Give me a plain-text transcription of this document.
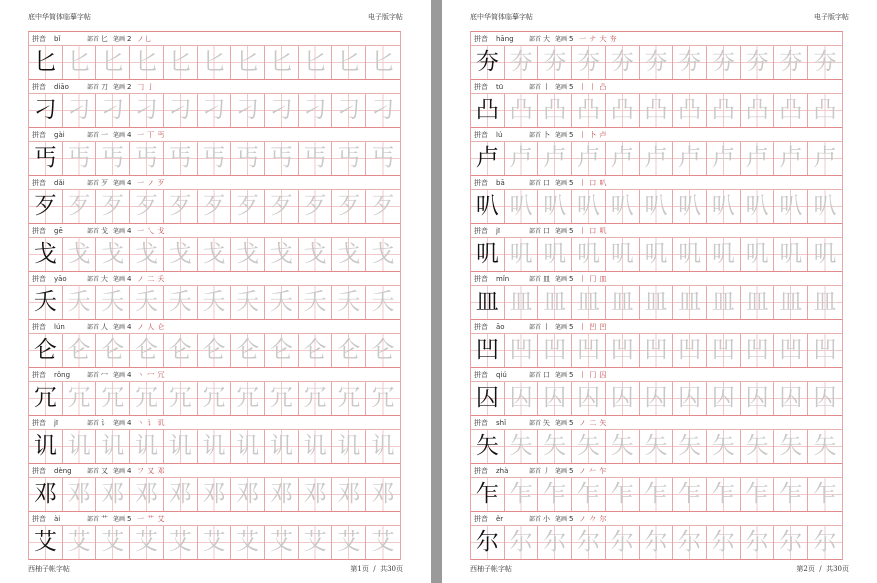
底中华简体临摹字帖	电子版字帖
拼音	bǐ	部首 匕 笔画 2 ノ乚
匕 匕 匕 匕 匕 匕 匕 匕 匕 匕 匕
拼音	diāo	部首 刀 笔画 2 𠃌 亅
刁 刁 刁 刁 刁 刁 刁 刁 刁 刁 刁
拼音	gài	部首 一 笔画 4 一 丅 丐
丐 丐 丐 丐 丐 丐 丐 丐 丐 丐 丐
拼音	dǎi	部首 歹 笔画 4 一 ノ 歹
歹 歹 歹 歹 歹 歹 歹 歹 歹 歹 歹
拼音	gē	部首 戈 笔画 4 一 乀 戈
戈 戈 戈 戈 戈 戈 戈 戈 戈 戈 戈
拼音	yāo	部首 大 笔画 4 ノ 二 夭
夭 夭 夭 夭 夭 夭 夭 夭 夭 夭 夭
拼音	lún	部首 人 笔画 4 ノ 人 仑
仑 仑 仑 仑 仑 仑 仑 仑 仑 仑 仑
拼音	rǒng	部首 冖 笔画 4 丶 冖 冗
冗 冗 冗 冗 冗 冗 冗 冗 冗 冗 冗
拼音	jī	部首 讠 笔画 4 丶 讠 讥
讥 讥 讥 讥 讥 讥 讥 讥 讥 讥 讥
拼音	dèng	部首 又 笔画 4 フ 又 邓
邓 邓 邓 邓 邓 邓 邓 邓 邓 邓 邓
拼音	ài	部首 艹 笔画 5 一 艹 艾
艾 艾 艾 艾 艾 艾 艾 艾 艾 艾 艾
西柚子帐字帖	第1页  /  共30页
底中华简体临摹字帖	电子版字帖
拼音	hāng	部首 大 笔画 5 一 ナ 大 夯
夯 夯 夯 夯 夯 夯 夯 夯 夯 夯 夯
拼音	tū	部首 丨 笔画 5 丨 丨 凸
凸 凸 凸 凸 凸 凸 凸 凸 凸 凸 凸
拼音	lú	部首 卜 笔画 5 丨 卜 卢
卢 卢 卢 卢 卢 卢 卢 卢 卢 卢 卢
拼音	bā	部首 口 笔画 5 丨 口 叭
叭 叭 叭 叭 叭 叭 叭 叭 叭 叭 叭
拼音	jī	部首 口 笔画 5 丨 口 叽
叽 叽 叽 叽 叽 叽 叽 叽 叽 叽 叽
拼音	mǐn	部首 皿 笔画 5 丨 冂 皿
皿 皿 皿 皿 皿 皿 皿 皿 皿 皿 皿
拼音	āo	部首 丨 笔画 5 丨 凹 凹
凹 凹 凹 凹 凹 凹 凹 凹 凹 凹 凹
拼音	qiú	部首 口 笔画 5 丨 冂 囚
囚 囚 囚 囚 囚 囚 囚 囚 囚 囚 囚
拼音	shǐ	部首 矢 笔画 5 ノ 二 矢
矢 矢 矢 矢 矢 矢 矢 矢 矢 矢 矢
拼音	zhà	部首 丿 笔画 5 ノ 𠂉 乍
乍 乍 乍 乍 乍 乍 乍 乍 乍 乍 乍
拼音	ěr	部首 小 笔画 5 ノ 𠂊 尔
尔 尔 尔 尔 尔 尔 尔 尔 尔 尔 尔
西柚子帐字帖	第2页  /  共30页
